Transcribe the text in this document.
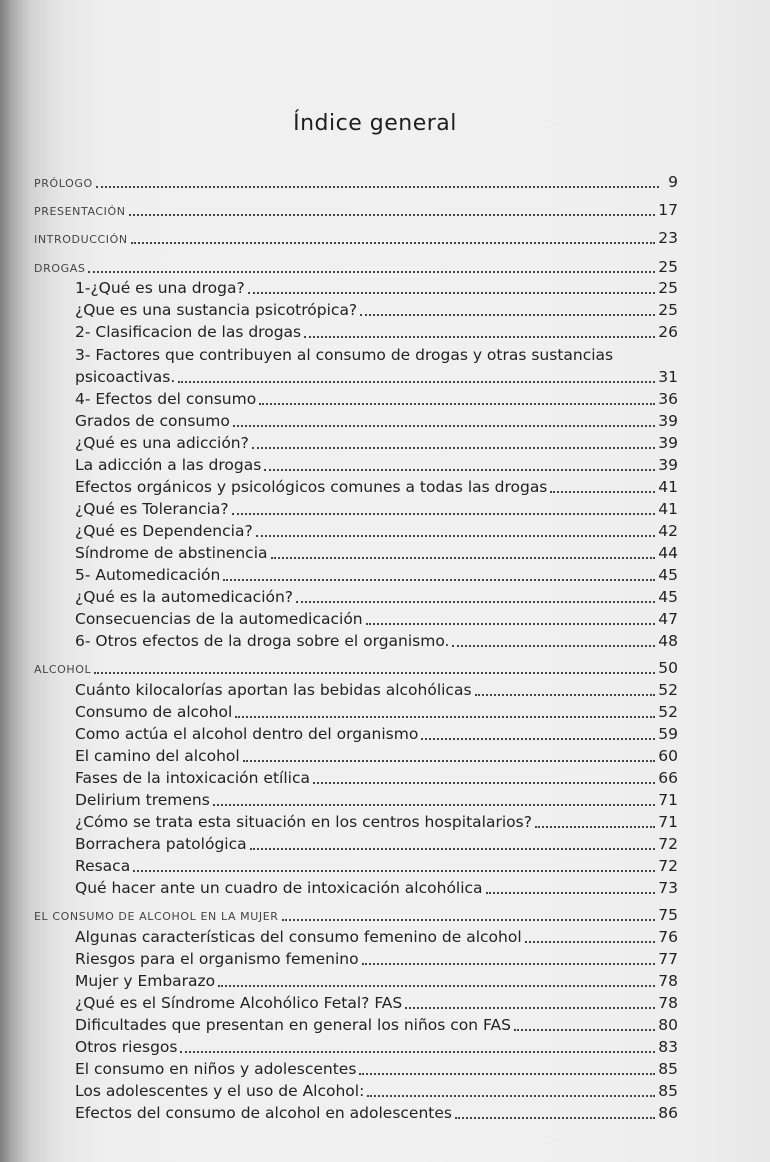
Índice general
PRÓLOGO	9
PRESENTACIÓN	17
INTRODUCCIÓN	23
DROGAS	25
1-¿Qué es una droga?	25
¿Que es una sustancia psicotrópica?	25
2- Clasificacion de las drogas	26
3- Factores que contribuyen al consumo de drogas y otras sustancias
psicoactivas.	31
4- Efectos del consumo	36
Grados de consumo	39
¿Qué es una adicción?	39
La adicción a las drogas	39
Efectos orgánicos y psicológicos comunes a todas las drogas	41
¿Qué es Tolerancia?	41
¿Qué es Dependencia?	42
Síndrome de abstinencia	44
5- Automedicación	45
¿Qué es la automedicación?	45
Consecuencias de la automedicación	47
6- Otros efectos de la droga sobre el organismo.	48
ALCOHOL	50
Cuánto kilocalorías aportan las bebidas alcohólicas	52
Consumo de alcohol	52
Como actúa el alcohol dentro del organismo	59
El camino del alcohol	60
Fases de la intoxicación etílica	66
Delirium tremens	71
¿Cómo se trata esta situación en los centros hospitalarios?	71
Borrachera patológica	72
Resaca	72
Qué hacer ante un cuadro de intoxicación alcohólica	73
EL CONSUMO DE ALCOHOL EN LA MUJER	75
Algunas características del consumo femenino de alcohol	76
Riesgos para el organismo femenino	77
Mujer y Embarazo	78
¿Qué es el Síndrome Alcohólico Fetal? FAS	78
Dificultades que presentan en general los niños con FAS	80
Otros riesgos	83
El consumo en niños y adolescentes	85
Los adolescentes y el uso de Alcohol:	85
Efectos del consumo de alcohol en adolescentes	86
